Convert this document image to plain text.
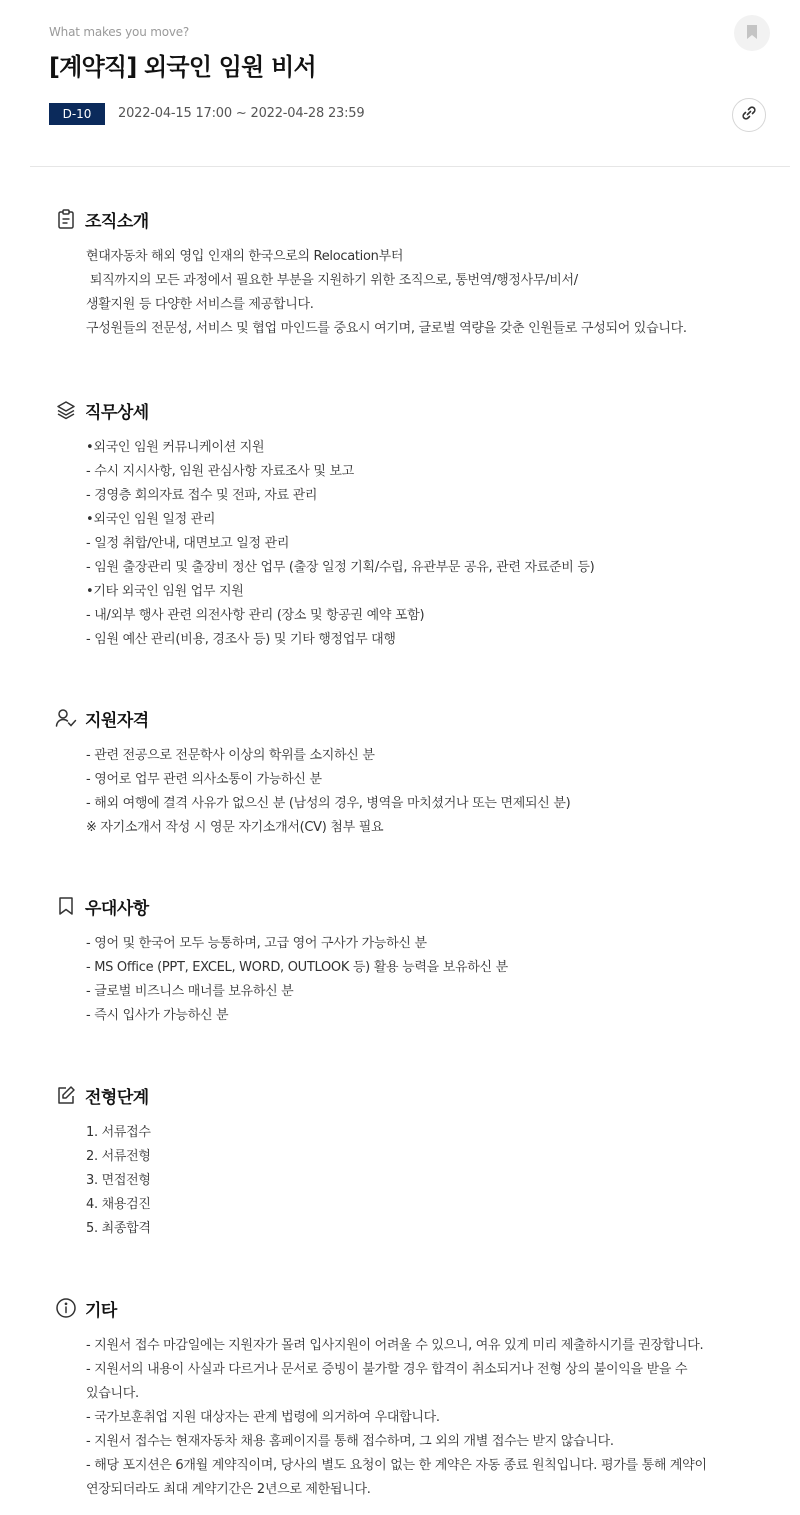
What makes you move?
[계약직] 외국인 임원 비서
D-10	2022-04-15 17:00 ~ 2022-04-28 23:59
조직소개
현대자동차 해외 영입 인재의 한국으로의 Relocation부터
퇴직까지의 모든 과정에서 필요한 부분을 지원하기 위한 조직으로, 통번역/행정사무/비서/
생활지원 등 다양한 서비스를 제공합니다.
구성원들의 전문성, 서비스 및 협업 마인드를 중요시 여기며, 글로벌 역량을 갖춘 인원들로 구성되어 있습니다.
직무상세
•외국인 임원 커뮤니케이션 지원
- 수시 지시사항, 임원 관심사항 자료조사 및 보고
- 경영층 회의자료 접수 및 전파, 자료 관리
•외국인 임원 일정 관리
- 일정 취합/안내, 대면보고 일정 관리
- 임원 출장관리 및 출장비 정산 업무 (출장 일정 기획/수립, 유관부문 공유, 관련 자료준비 등)
•기타 외국인 임원 업무 지원
- 내/외부 행사 관련 의전사항 관리 (장소 및 항공권 예약 포함)
- 임원 예산 관리(비용, 경조사 등) 및 기타 행정업무 대행
지원자격
- 관련 전공으로 전문학사 이상의 학위를 소지하신 분
- 영어로 업무 관련 의사소통이 가능하신 분
- 해외 여행에 결격 사유가 없으신 분 (남성의 경우, 병역을 마치셨거나 또는 면제되신 분)
※ 자기소개서 작성 시 영문 자기소개서(CV) 첨부 필요
우대사항
- 영어 및 한국어 모두 능통하며, 고급 영어 구사가 가능하신 분
- MS Office (PPT, EXCEL, WORD, OUTLOOK 등) 활용 능력을 보유하신 분
- 글로벌 비즈니스 매너를 보유하신 분
- 즉시 입사가 가능하신 분
전형단계
1. 서류접수
2. 서류전형
3. 면접전형
4. 채용검진
5. 최종합격
기타
- 지원서 접수 마감일에는 지원자가 몰려 입사지원이 어려울 수 있으니, 여유 있게 미리 제출하시기를 권장합니다.
- 지원서의 내용이 사실과 다르거나 문서로 증빙이 불가할 경우 합격이 취소되거나 전형 상의 불이익을 받을 수
있습니다.
- 국가보훈취업 지원 대상자는 관계 법령에 의거하여 우대합니다.
- 지원서 접수는 현재자동차 채용 홈페이지를 통해 접수하며, 그 외의 개별 접수는 받지 않습니다.
- 해당 포지션은 6개월 계약직이며, 당사의 별도 요청이 없는 한 계약은 자동 종료 원칙입니다. 평가를 통해 계약이
연장되더라도 최대 계약기간은 2년으로 제한됩니다.
